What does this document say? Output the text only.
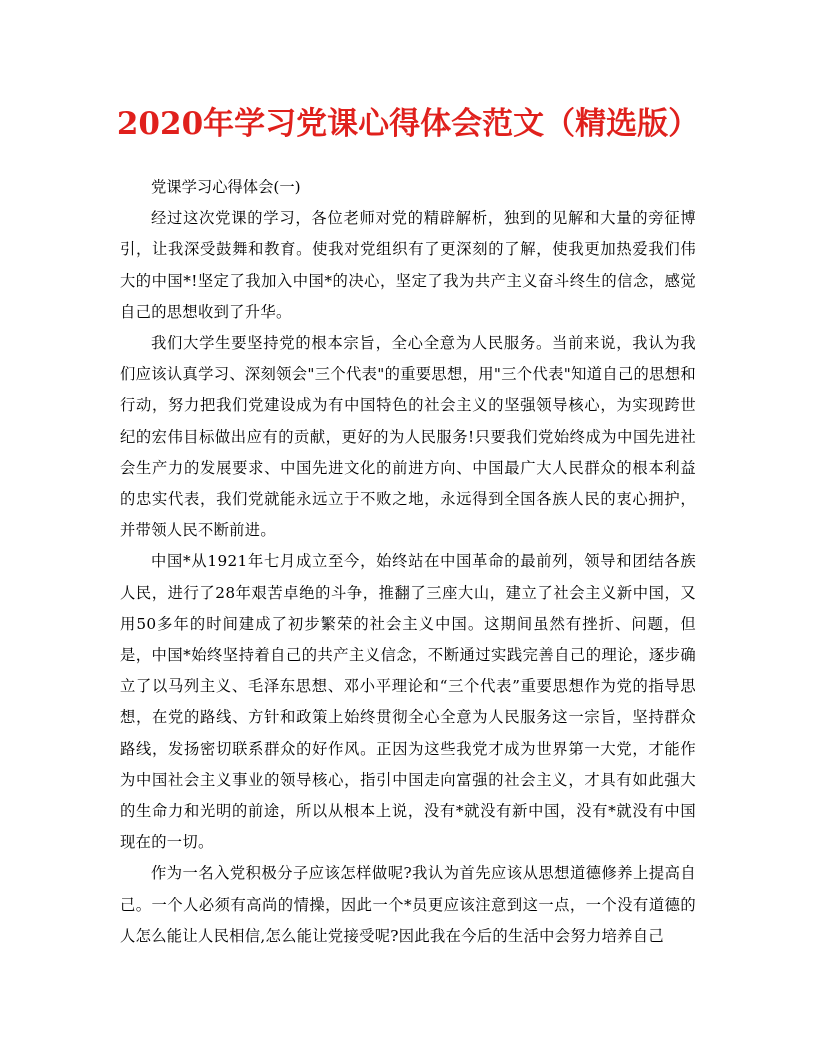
2020年学习党课心得体会范文（精选版）

党课学习心得体会(一)

经过这次党课的学习，各位老师对党的精辟解析，独到的见解和大量的旁征博引，让我深受鼓舞和教育。使我对党组织有了更深刻的了解，使我更加热爱我们伟大的中国*!坚定了我加入中国*的决心，坚定了我为共产主义奋斗终生的信念，感觉自己的思想收到了升华。

我们大学生要坚持党的根本宗旨，全心全意为人民服务。当前来说，我认为我们应该认真学习、深刻领会"三个代表"的重要思想，用"三个代表"知道自己的思想和行动，努力把我们党建设成为有中国特色的社会主义的坚强领导核心，为实现跨世纪的宏伟目标做出应有的贡献，更好的为人民服务!只要我们党始终成为中国先进社会生产力的发展要求、中国先进文化的前进方向、中国最广大人民群众的根本利益的忠实代表，我们党就能永远立于不败之地，永远得到全国各族人民的衷心拥护，并带领人民不断前进。

中国*从1921年七月成立至今，始终站在中国革命的最前列，领导和团结各族人民，进行了28年艰苦卓绝的斗争，推翻了三座大山，建立了社会主义新中国，又用50多年的时间建成了初步繁荣的社会主义中国。这期间虽然有挫折、问题，但是，中国*始终坚持着自己的共产主义信念，不断通过实践完善自己的理论，逐步确立了以马列主义、毛泽东思想、邓小平理论和“三个代表”重要思想作为党的指导思想，在党的路线、方针和政策上始终贯彻全心全意为人民服务这一宗旨，坚持群众路线，发扬密切联系群众的好作风。正因为这些我党才成为世界第一大党，才能作为中国社会主义事业的领导核心，指引中国走向富强的社会主义，才具有如此强大的生命力和光明的前途，所以从根本上说，没有*就没有新中国，没有*就没有中国现在的一切。

作为一名入党积极分子应该怎样做呢?我认为首先应该从思想道德修养上提高自己。一个人必须有高尚的情操，因此一个*员更应该注意到这一点，一个没有道德的人怎么能让人民相信,怎么能让党接受呢?因此我在今后的生活中会努力培养自己
